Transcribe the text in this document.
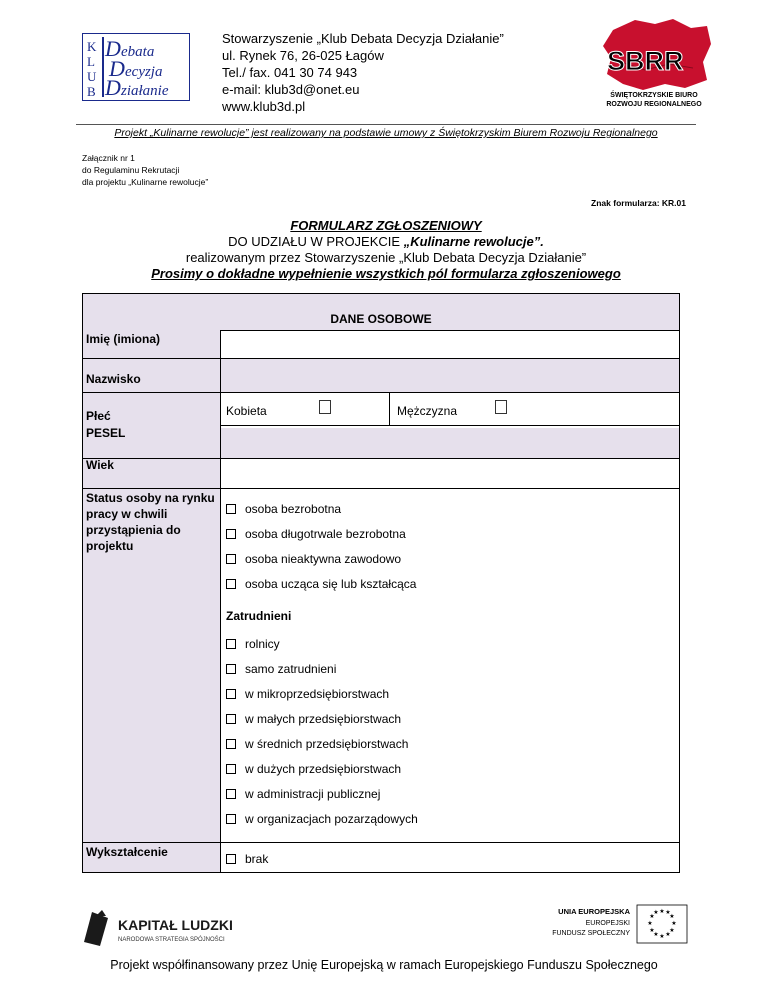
K
L
U
B
D ebata
D ecyzja
D ziałanie
Stowarzyszenie „Klub Debata Decyzja Działanie”
ul. Rynek 76, 26-025 Łagów
Tel./ fax. 041 30 74 943
e-mail: klub3d@onet.eu
www.klub3d.pl
SBRR
ŚWIĘTOKRZYSKIE BIURO
ROZWOJU REGIONALNEGO
Projekt „Kulinarne rewolucje” jest realizowany na podstawie umowy z Świętokrzyskim Biurem Rozwoju Regionalnego
Załącznik nr 1
do Regulaminu Rekrutacji
dla projektu „Kulinarne rewolucje”
Znak formularza: KR.01
FORMULARZ ZGŁOSZENIOWY
DO UDZIAŁU W PROJEKCIE „Kulinarne rewolucje”.
realizowanym przez Stowarzyszenie „Klub Debata Decyzja Działanie”
Prosimy o dokładne wypełnienie wszystkich pól formularza zgłoszeniowego
DANE OSOBOWE
Imię (imiona)
Nazwisko
Płeć
PESEL
Wiek
Status osoby na rynku pracy w chwili przystąpienia do projektu
Wykształcenie
Kobieta	Mężczyzna
osoba bezrobotna
osoba długotrwale bezrobotna
osoba nieaktywna zawodowo
osoba ucząca się lub kształcąca
Zatrudnieni
rolnicy
samo zatrudnieni
w mikroprzedsiębiorstwach
w małych przedsiębiorstwach
w średnich przedsiębiorstwach
w dużych przedsiębiorstwach
w administracji publicznej
w organizacjach pozarządowych
brak
KAPITAŁ LUDZKI
NARODOWA STRATEGIA SPÓJNOŚCI
UNIA EUROPEJSKA
EUROPEJSKI
FUNDUSZ SPOŁECZNY
★ ★
★
★
★
★
★
★
★
★
★
★
Projekt współfinansowany przez Unię Europejską w ramach Europejskiego Funduszu Społecznego
